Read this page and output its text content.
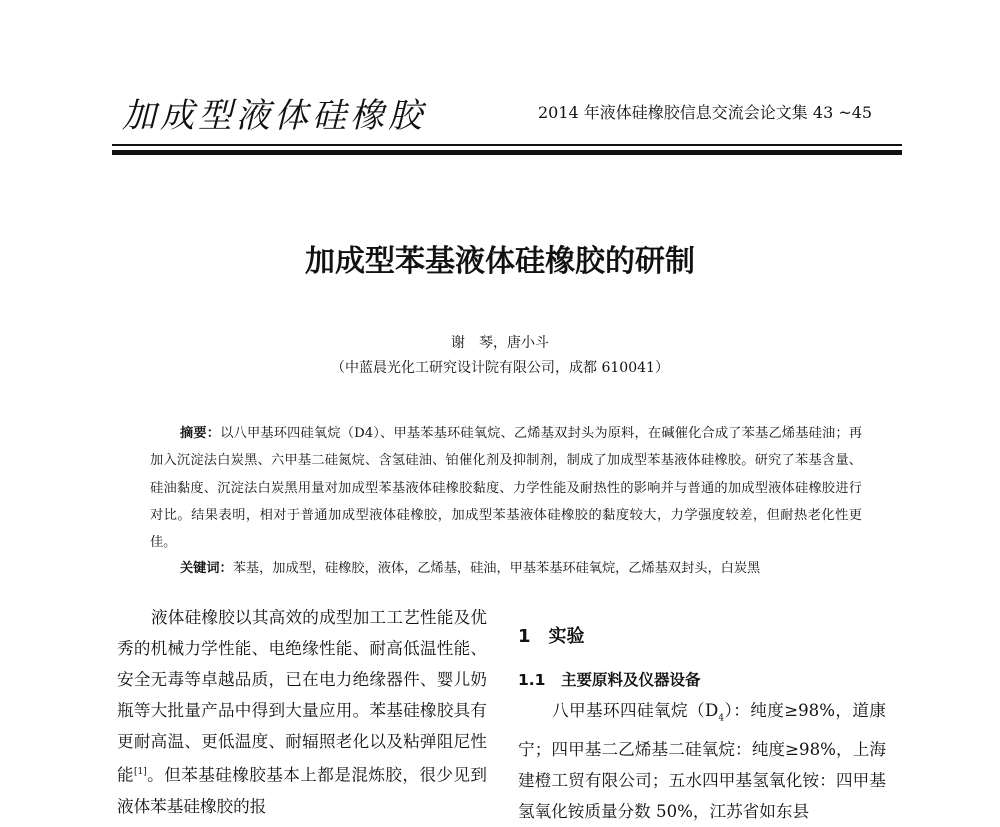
加成型液体硅橡胶	2014 年液体硅橡胶信息交流会论文集 43 ~45
加成型苯基液体硅橡胶的研制
谢　琴，唐小斗
（中蓝晨光化工研究设计院有限公司，成都 610041）
摘要：以八甲基环四硅氧烷（D4）、甲基苯基环硅氧烷、乙烯基双封头为原料，在碱催化合成了苯基乙烯基硅油；再加入沉淀法白炭黑、六甲基二硅氮烷、含氢硅油、铂催化剂及抑制剂，制成了加成型苯基液体硅橡胶。研究了苯基含量、硅油黏度、沉淀法白炭黑用量对加成型苯基液体硅橡胶黏度、力学性能及耐热性的影响并与普通的加成型液体硅橡胶进行对比。结果表明，相对于普通加成型液体硅橡胶，加成型苯基液体硅橡胶的黏度较大，力学强度较差，但耐热老化性更佳。
关键词：苯基，加成型，硅橡胶，液体，乙烯基，硅油，甲基苯基环硅氧烷，乙烯基双封头，白炭黑
液体硅橡胶以其高效的成型加工工艺性能及优秀的机械力学性能、电绝缘性能、耐高低温性能、安全无毒等卓越品质，已在电力绝缘器件、婴儿奶瓶等大批量产品中得到大量应用。苯基硅橡胶具有更耐高温、更低温度、耐辐照老化以及粘弹阻尼性能[1]。但苯基硅橡胶基本上都是混炼胶，很少见到液体苯基硅橡胶的报
1　实验
1.1　主要原料及仪器设备
八甲基环四硅氧烷$(D_4)$：纯度≥98%，道康宁；四甲基二乙烯基二硅氧烷：纯度≥98%，上海建橙工贸有限公司；五水四甲基氢氧化铵：四甲基氢氧化铵质量分数 50%，江苏省如东县
